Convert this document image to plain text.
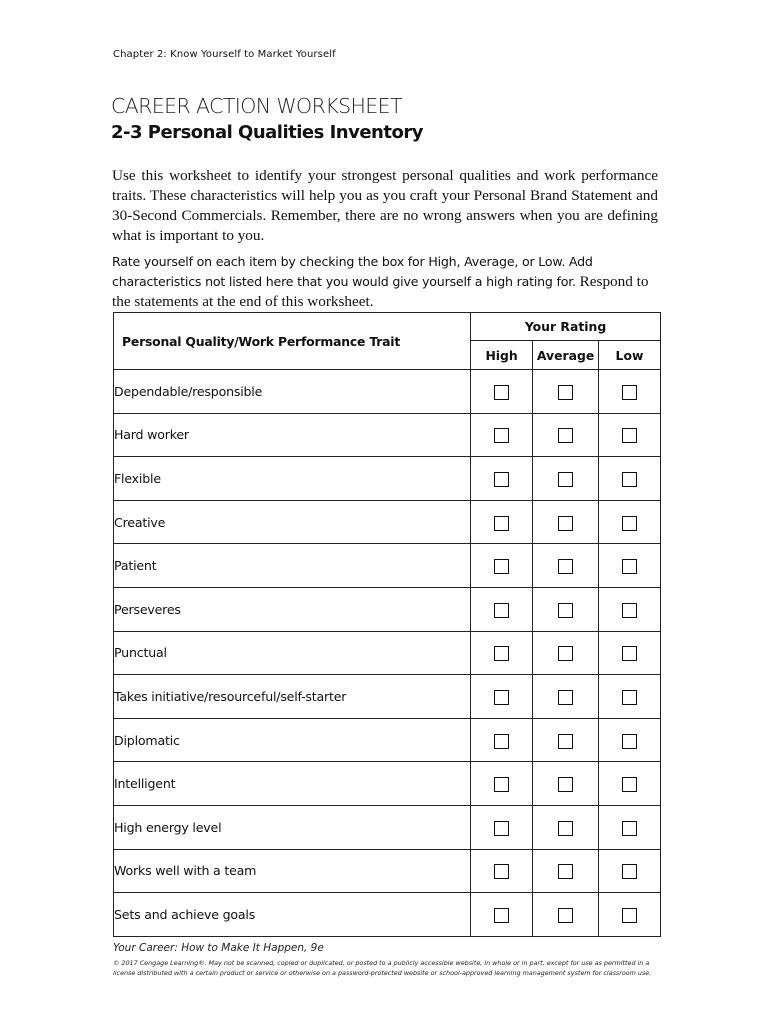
Chapter 2: Know Yourself to Market Yourself
CAREER ACTION WORKSHEET
2-3 Personal Qualities Inventory
Use this worksheet to identify your strongest personal qualities and work performance traits. These characteristics will help you as you craft your Personal Brand Statement and 30-Second Commercials. Remember, there are no wrong answers when you are defining what is important to you.
Rate yourself on each item by checking the box for High, Average, or Low. Add characteristics not listed here that you would give yourself a high rating for. Respond to the statements at the end of this worksheet.
Personal Quality/Work Performance Trait	Your Rating		
	High	Average	Low
Dependable/responsible			
Hard worker			
Flexible			
Creative			
Patient			
Perseveres			
Punctual			
Takes initiative/resourceful/self-starter			
Diplomatic			
Intelligent			
High energy level			
Works well with a team			
Sets and achieve goals			
Your Career: How to Make It Happen, 9e
© 2017 Cengage Learning®. May not be scanned, copied or duplicated, or posted to a publicly accessible website, in whole or in part, except for use as permitted in a license distributed with a certain product or service or otherwise on a password-protected website or school-approved learning management system for classroom use.
